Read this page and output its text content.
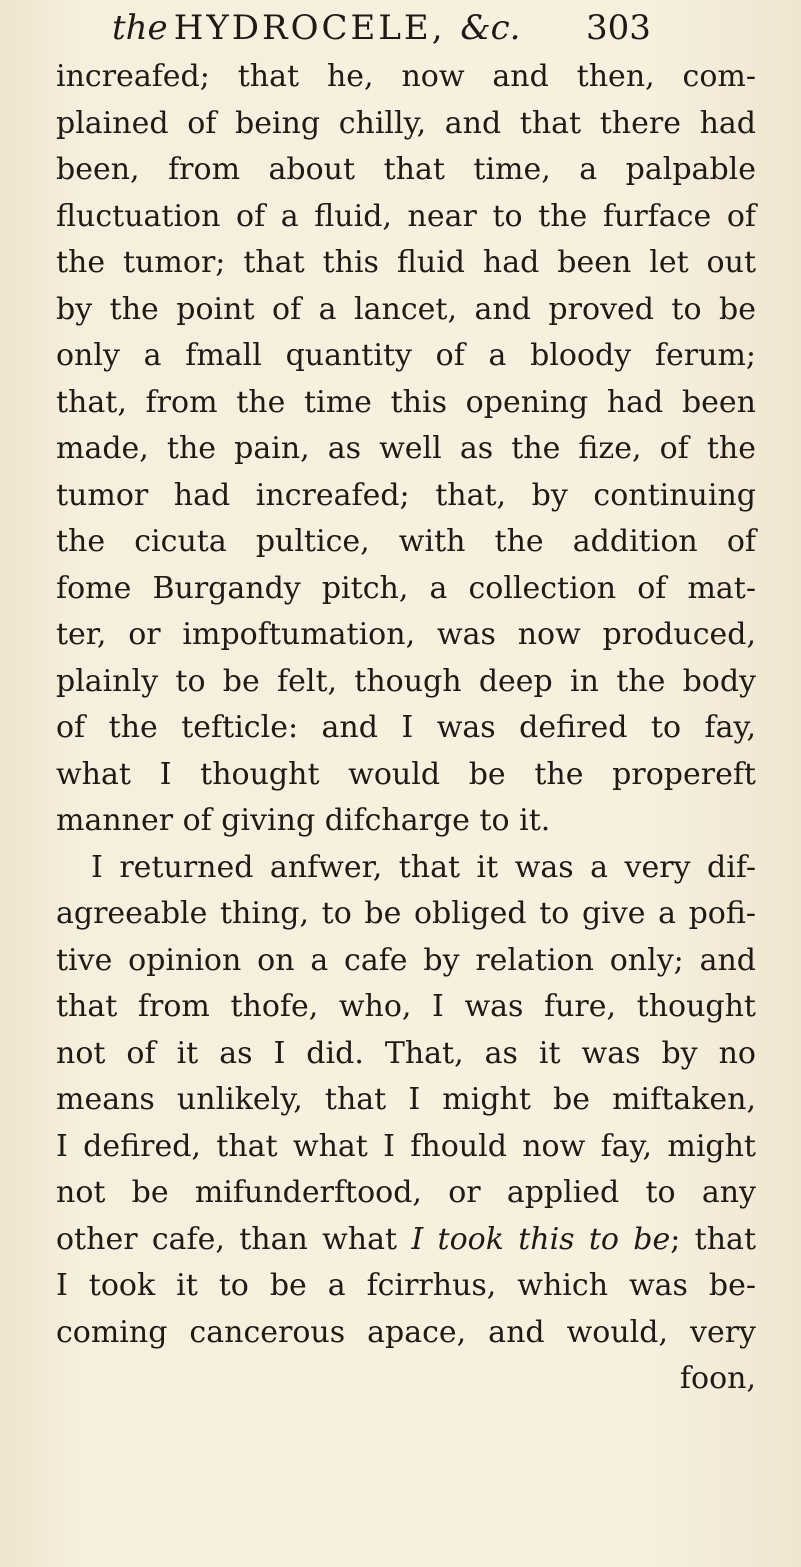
the HYDROCELE, &c. 303
increafed; that he, now and then, com-
plained of being chilly, and that there had
been, from about that time, a palpable
fluctuation of a fluid, near to the furface of
the tumor; that this fluid had been let out
by the point of a lancet, and proved to be
only a fmall quantity of a bloody ferum;
that, from the time this opening had been
made, the pain, as well as the fize, of the
tumor had increafed; that, by continuing
the cicuta pultice, with the addition of
fome Burgandy pitch, a collection of mat-
ter, or impoftumation, was now produced,
plainly to be felt, though deep in the body
of the tefticle: and I was defired to fay,
what I thought would be the propereft
manner of giving difcharge to it.
I returned anfwer, that it was a very dif-
agreeable thing, to be obliged to give a pofi-
tive opinion on a cafe by relation only; and
that from thofe, who, I was fure, thought
not of it as I did. That, as it was by no
means unlikely, that I might be miftaken,
I defired, that what I fhould now fay, might
not be mifunderftood, or applied to any
other cafe, than what I took this to be; that
I took it to be a fcirrhus, which was be-
coming cancerous apace, and would, very
foon,
